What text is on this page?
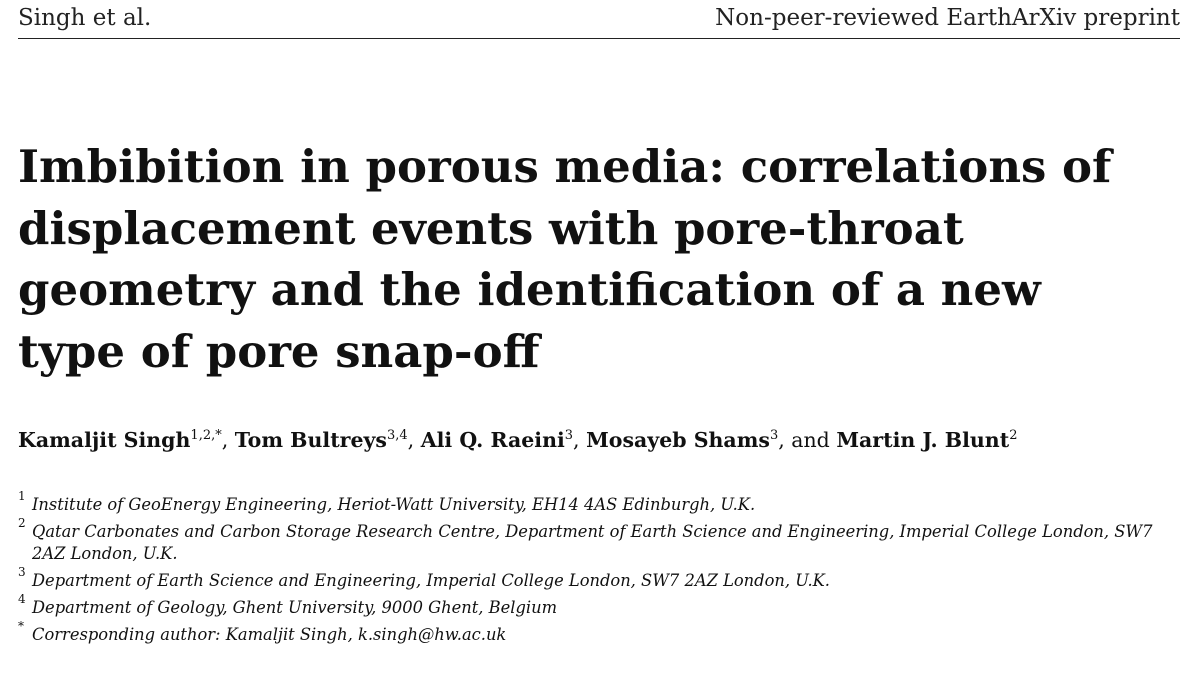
Singh et al.	Non-peer-reviewed EarthArXiv preprint
Imbibition in porous media: correlations of
displacement events with pore-throat
geometry and the identification of a new
type of pore snap-off
Kamaljit Singh$^{1,2,*}$, Tom Bultreys$^{3,4}$, Ali Q. Raeini$^3$, Mosayeb Shams$^3$, and Martin J. Blunt$^2$
1 Institute of GeoEnergy Engineering, Heriot-Watt University, EH14 4AS Edinburgh, U.K.
2 Qatar Carbonates and Carbon Storage Research Centre, Department of Earth Science and Engineering, Imperial College London, SW7 2AZ London, U.K.
3 Department of Earth Science and Engineering, Imperial College London, SW7 2AZ London, U.K.
4 Department of Geology, Ghent University, 9000 Ghent, Belgium
* Corresponding author: Kamaljit Singh, k.singh@hw.ac.uk
